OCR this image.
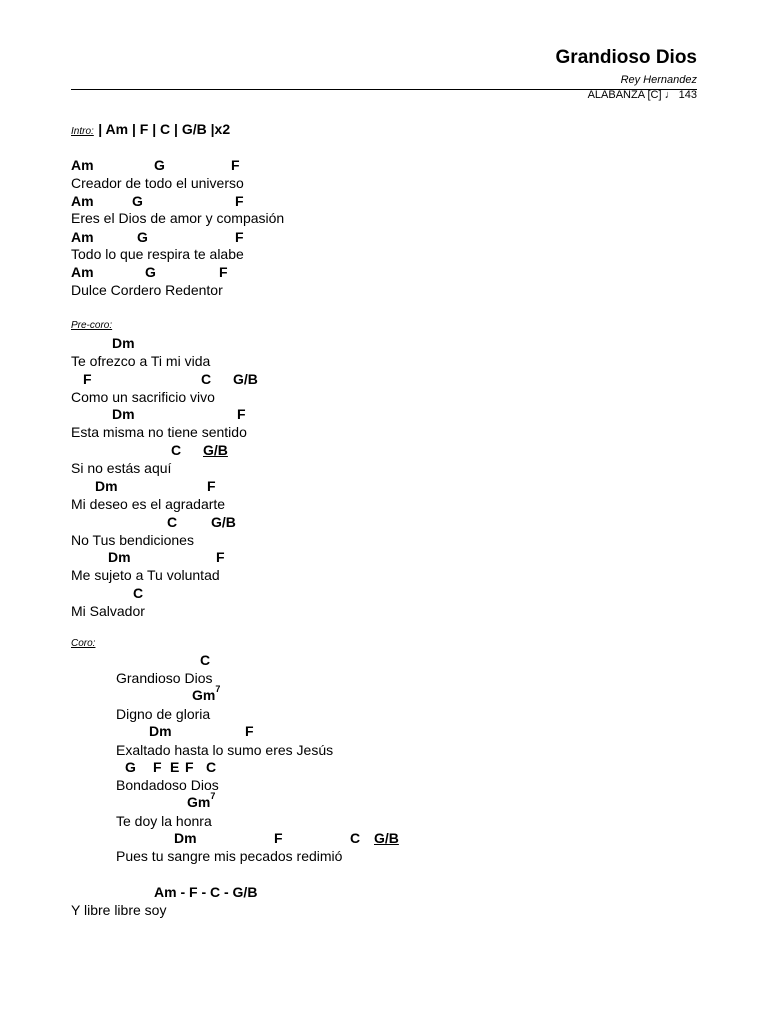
Grandioso Dios
Rey Hernandez
ALABANZA [C] ♩ 143
Intro: | Am | F | C | G/B |x2
Am	G	F
Creador de todo el universo
Am	G	F
Eres el Dios de amor y compasión
Am	G	F
Todo lo que respira te alabe
Am	G	F
Dulce Cordero Redentor
Pre-coro:
Dm
Te ofrezco a Ti mi vida
F	C G/B
Como un sacrificio vivo
Dm	F
Esta misma no tiene sentido
C G/B
Si no estás aquí
Dm	F
Mi deseo es el agradarte
C G/B
No Tus bendiciones
Dm	F
Me sujeto a Tu voluntad
C
Mi Salvador
Coro:
C
Grandioso Dios
Gm$^7$
Digno de gloria
Dm	F
Exaltado hasta lo sumo eres Jesús
G F E F C
Bondadoso Dios
Gm$^7$
Te doy la honra
Dm	F	C G/B
Pues tu sangre mis pecados redimió
Am - F - C - G/B
Y libre libre soy
